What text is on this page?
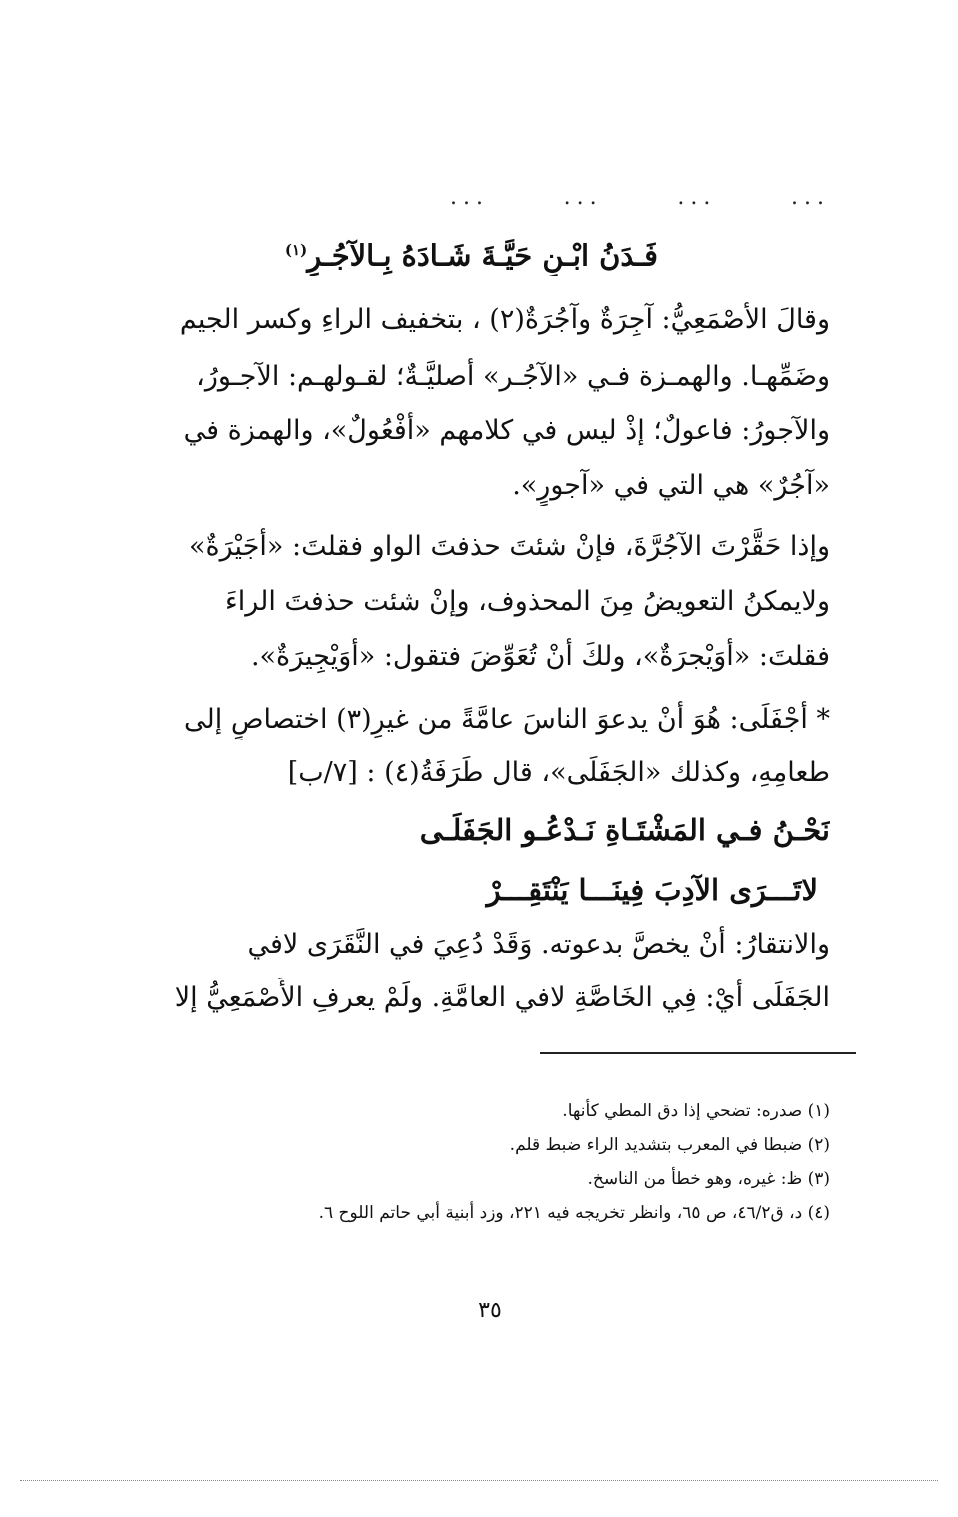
...	...	...	...
فَـدَنُ ابْـنِ حَيَّـةَ شَـادَهُ بِـالآجُـرِ$^{(١)}$
وقالَ الأصْمَعِيُّ: آجِرَةٌ وآجُرَةٌ(٢) ، بتخفيف الراءِ وكسر الجيم
وضَمِّهـا. والهمـزة فـي «الآجُـر» أصليَّـةٌ؛ لقـولهـم: الآجـورُ،
والآجورُ: فاعولٌ؛ إذْ ليس في كلامهم «أَفْعُولٌ»، والهمزة في
«آجُرٌ» هي التي في «آجورٍ».
وإذا حَقَّرْتَ الآجُرَّةَ، فإنْ شئتَ حذفتَ الواو فقلتَ: «أُجَيْرَةٌ»
ولايمكنُ التعويضُ مِنَ المحذوف، وإنْ شئت حذفتَ الراءَ
فقلتَ: «أُوَيْجرَةٌ»، ولكَ أنْ تُعَوِّضَ فتقول: «أُوَيْجِيرَةٌ».
* أَجْفَلَى: هُوَ أنْ يدعوَ الناسَ عامَّةً من غيرِ(٣) اختصاصٍ إلى
طعامِهِ، وكذلك «الجَفَلَى»، قال طَرَفَةُ(٤) : [٧/ب]
نَحْـنُ فـي المَشْتَـاةِ نَـدْعُـو الجَفَلَـى
لاتَـــرَى الآدِبَ فِينَـــا يَنْتَقِـــرْ
والانتقارُ: أنْ يخصَّ بدعوته. وَقَدْ دُعِيَ في النَّقَرَى لافي
الجَفَلَى أيْ: فِي الخَاصَّةِ لافي العامَّةِ. ولَمْ يعرفِ الأَصْمَعِيُّ إلا
(١) صدره: تضحي إذا دق المطي كأنها.
(٢) ضبطا في المعرب بتشديد الراء ضبط قلم.
(٣) ظ: غيره، وهو خطأ من الناسخ.
(٤) د، ق٤٦/٢، ص ٦٥، وانظر تخريجه فيه ٢٢١، وزد أبنية أبي حاتم اللوح ٦.
٣٥
